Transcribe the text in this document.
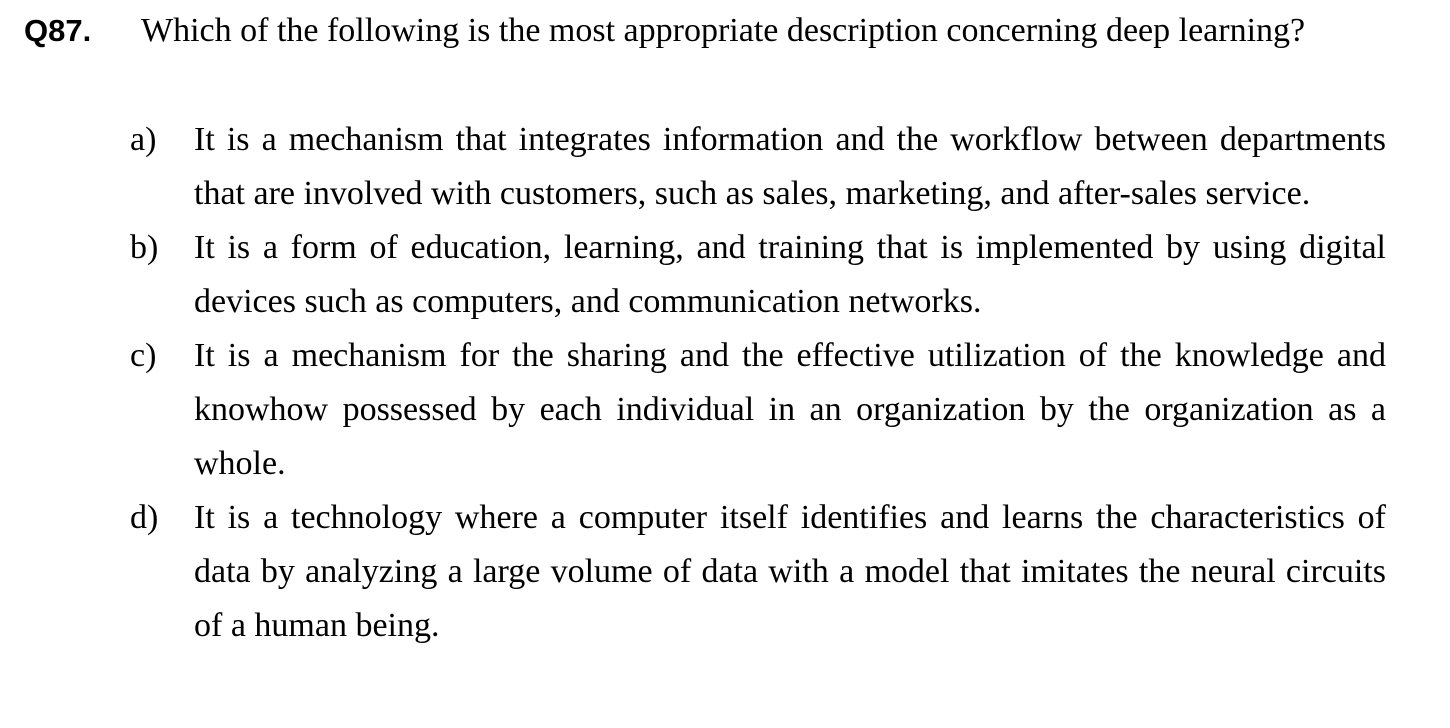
Q87.	Which of the following is the most appropriate description concerning deep learning?
a)	It is a mechanism that integrates information and the workflow between departments that are involved with customers, such as sales, marketing, and after-sales service.
b)	It is a form of education, learning, and training that is implemented by using digital devices such as computers, and communication networks.
c)	It is a mechanism for the sharing and the effective utilization of the knowledge and knowhow possessed by each individual in an organization by the organization as a whole.
d)	It is a technology where a computer itself identifies and learns the characteristics of data by analyzing a large volume of data with a model that imitates the neural circuits of a human being.
